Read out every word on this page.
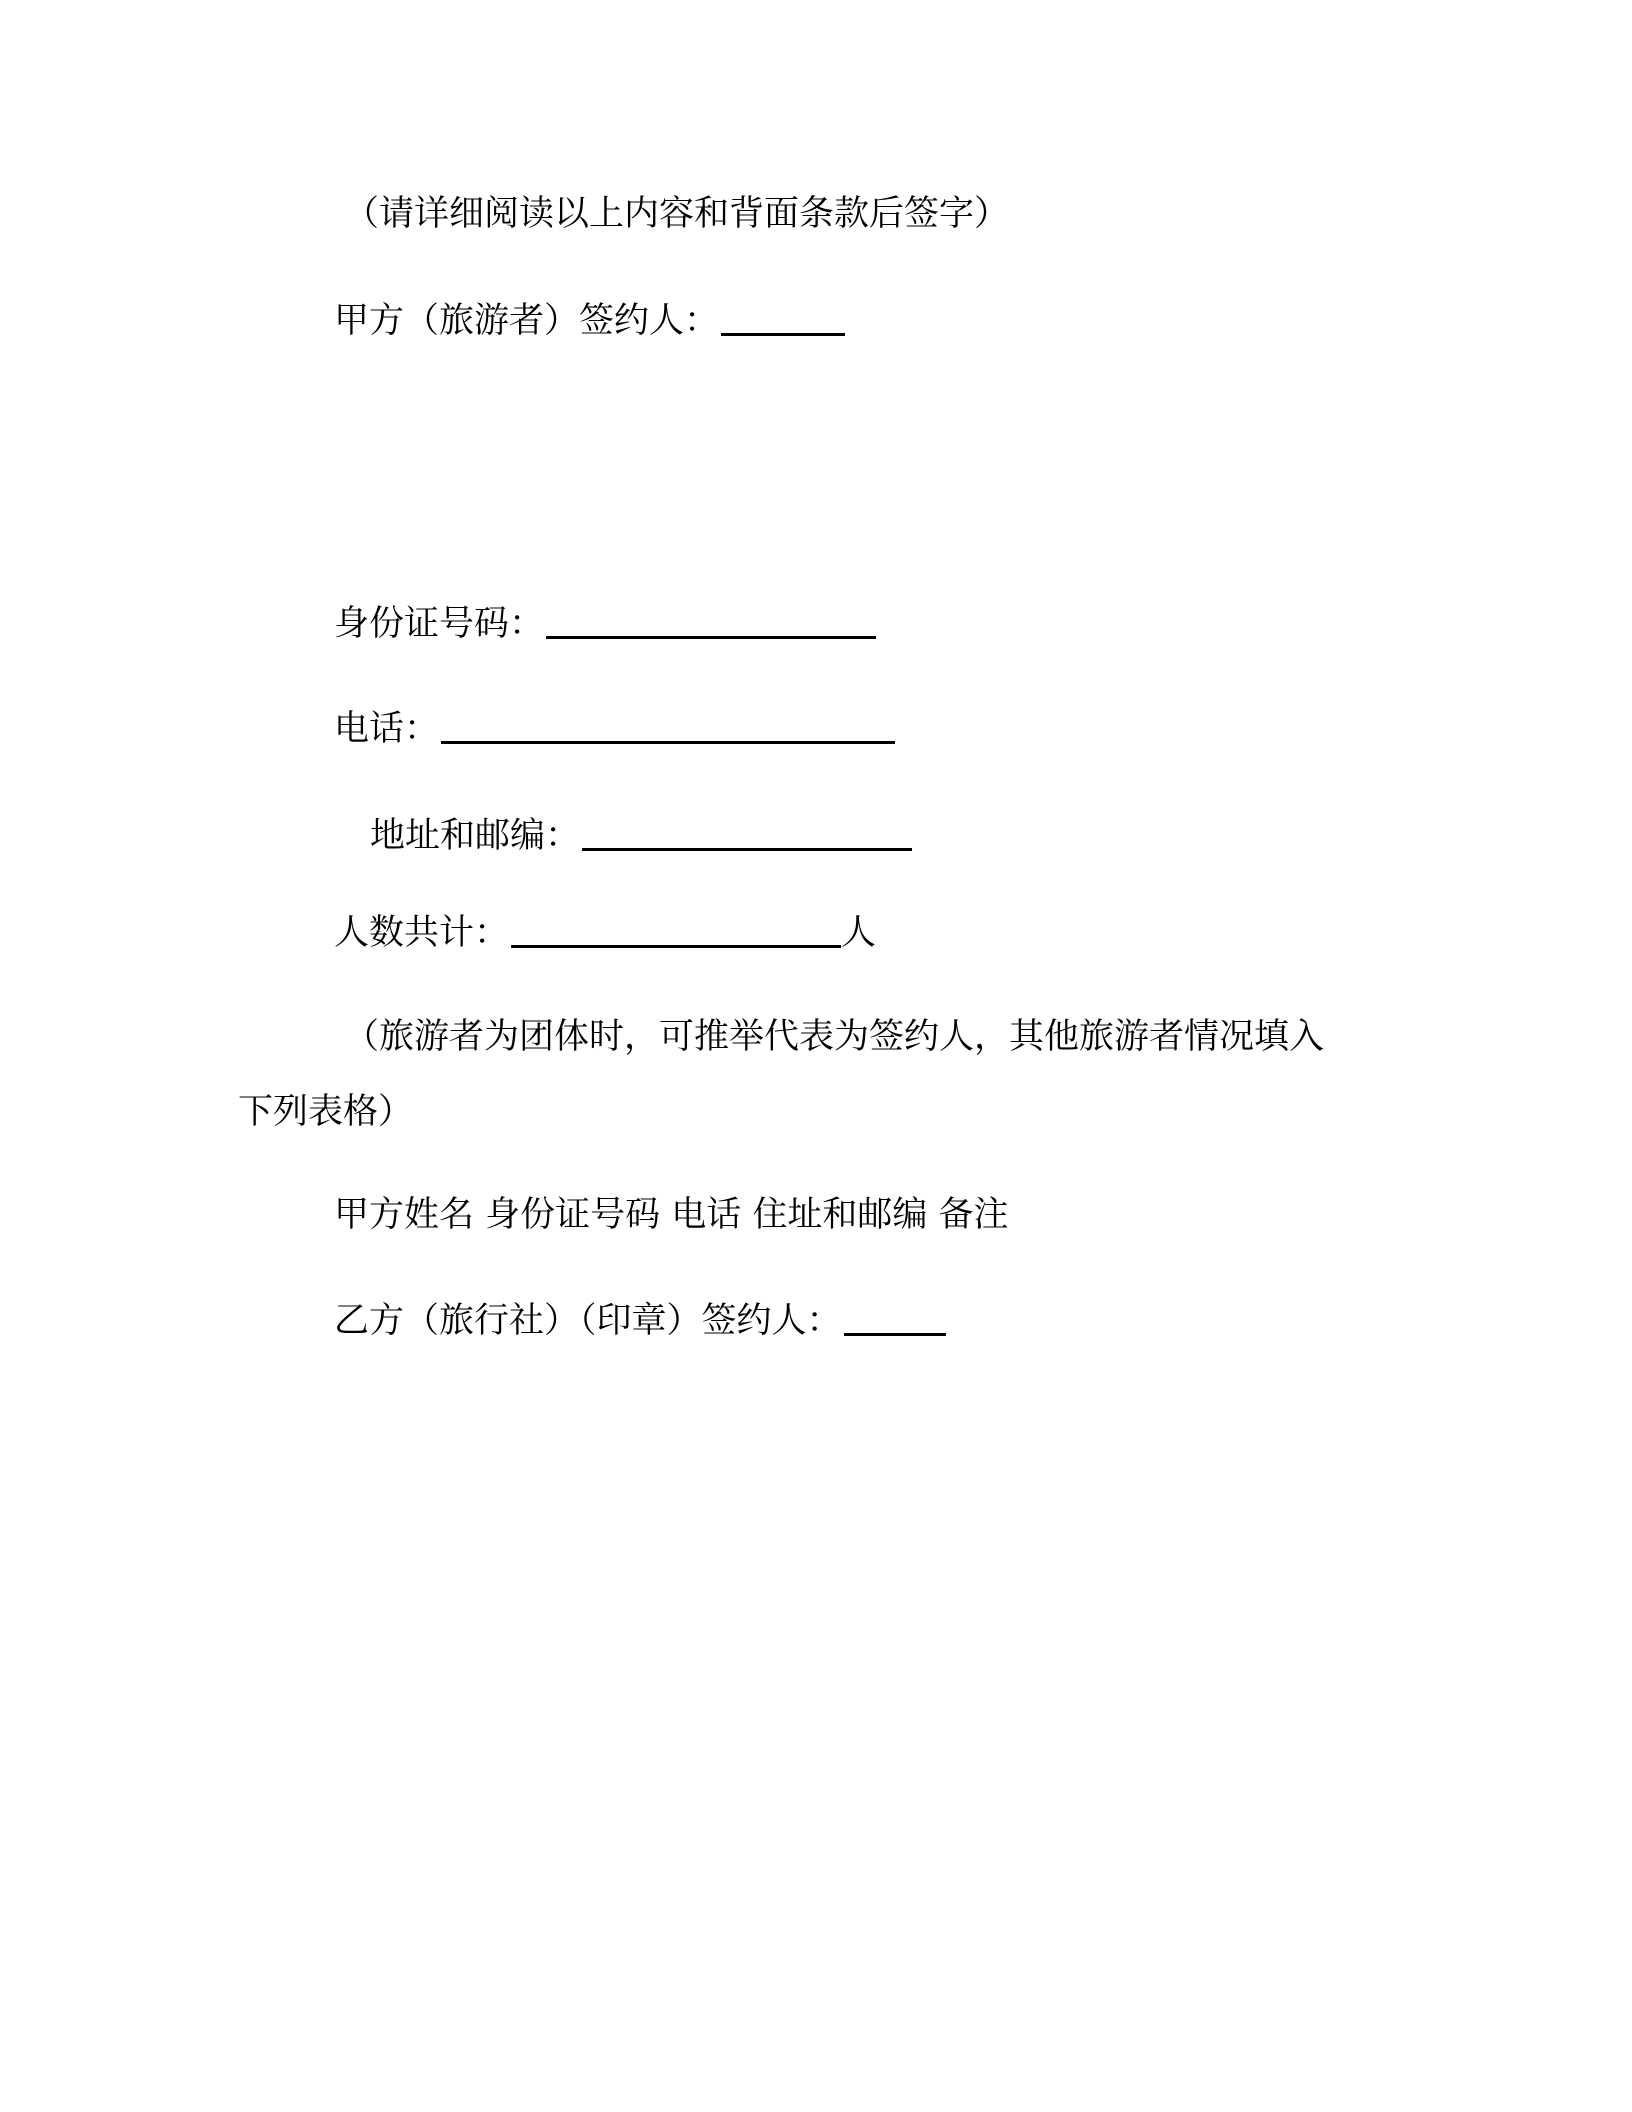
（请详细阅读以上内容和背面条款后签字）
甲方（旅游者）签约人：
身份证号码：
电话：
地址和邮编：
人数共计：	人
（旅游者为团体时，可推举代表为签约人，其他旅游者情况填入
下列表格）
甲方姓名 身份证号码 电话 住址和邮编 备注
乙方（旅行社）（印章）签约人：
